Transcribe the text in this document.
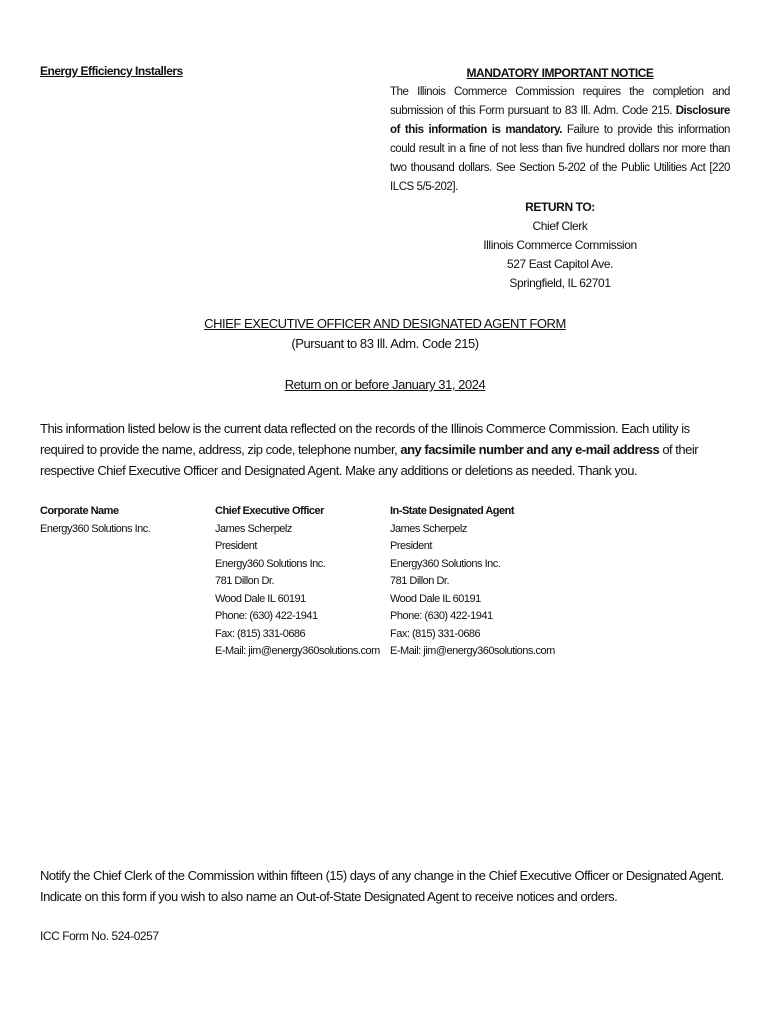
Energy Efficiency Installers	MANDATORY IMPORTANT NOTICE
The Illinois Commerce Commission requires the completion and submission of this Form pursuant to 83 Ill. Adm. Code 215. Disclosure of this information is mandatory. Failure to provide this information could result in a fine of not less than five hundred dollars nor more than two thousand dollars. See Section 5-202 of the Public Utilities Act [220 ILCS 5/5-202].
RETURN TO:
Chief Clerk
Illinois Commerce Commission
527 East Capitol Ave.
Springfield, IL 62701
CHIEF EXECUTIVE OFFICER AND DESIGNATED AGENT FORM
(Pursuant to 83 Ill. Adm. Code 215)
Return on or before January 31, 2024
This information listed below is the current data reflected on the records of the Illinois Commerce Commission. Each utility is required to provide the name, address, zip code, telephone number, any facsimile number and any e-mail address of their respective Chief Executive Officer and Designated Agent. Make any additions or deletions as needed. Thank you.
Corporate Name
Energy360 Solutions Inc.
Chief Executive Officer
James Scherpelz
President
Energy360 Solutions Inc.
781 Dillon Dr.
Wood Dale IL 60191
Phone: (630) 422-1941
Fax: (815) 331-0686
E-Mail: jim@energy360solutions.com
In-State Designated Agent
James Scherpelz
President
Energy360 Solutions Inc.
781 Dillon Dr.
Wood Dale IL 60191
Phone: (630) 422-1941
Fax: (815) 331-0686
E-Mail: jim@energy360solutions.com
Notify the Chief Clerk of the Commission within fifteen (15) days of any change in the Chief Executive Officer or Designated Agent.
Indicate on this form if you wish to also name an Out-of-State Designated Agent to receive notices and orders.
ICC Form No. 524-0257
